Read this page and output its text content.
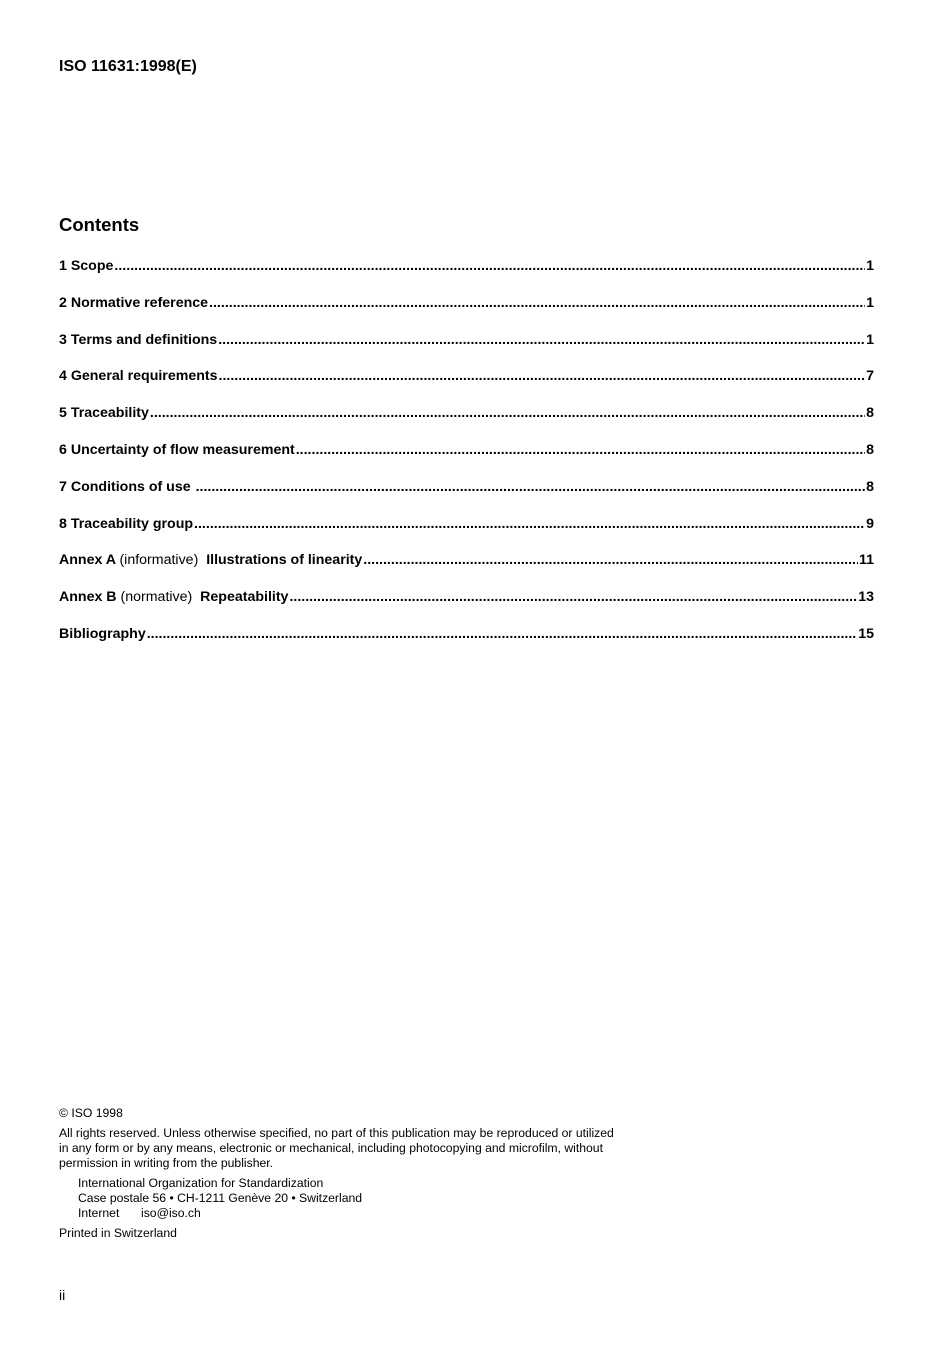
ISO 11631:1998(E)
Contents
1 Scope .....	1
2 Normative reference .....	1
3 Terms and definitions .....	1
4 General requirements .....	7
5 Traceability .....	8
6 Uncertainty of flow measurement .....	8
7 Conditions of use .....	8
8 Traceability group .....	9
Annex A (informative) Illustrations of linearity .....	11
Annex B (normative) Repeatability .....	13
Bibliography .....	15
© ISO 1998
All rights reserved. Unless otherwise specified, no part of this publication may be reproduced or utilized in any form or by any means, electronic or mechanical, including photocopying and microfilm, without permission in writing from the publisher.
International Organization for Standardization
Case postale 56 • CH-1211 Genève 20 • Switzerland
Internet iso@iso.ch
Printed in Switzerland
ii
